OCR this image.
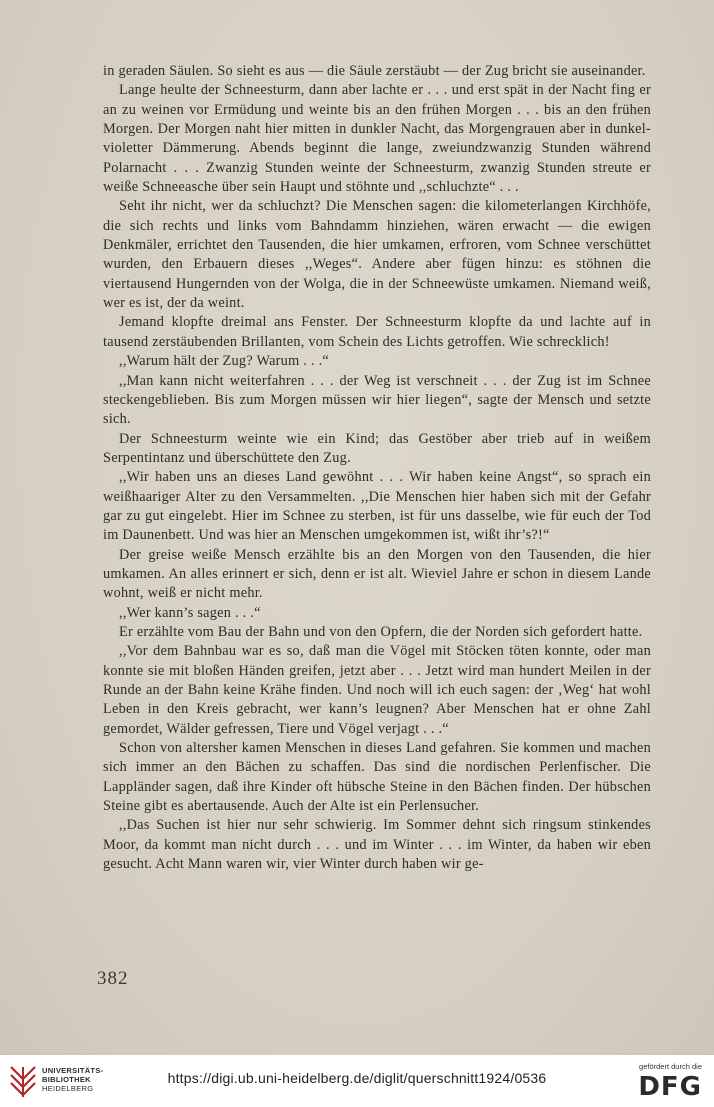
in geraden Säulen. So sieht es aus — die Säule zerstäubt — der Zug bricht sie auseinander.

Lange heulte der Schneesturm, dann aber lachte er . . . und erst spät in der Nacht fing er an zu weinen vor Ermüdung und weinte bis an den frühen Morgen . . . bis an den frühen Morgen. Der Morgen naht hier mitten in dunkler Nacht, das Morgengrauen aber in dunkel-violetter Dämmerung. Abends beginnt die lange, zweiundzwanzig Stunden während Polarnacht . . . Zwanzig Stunden weinte der Schneesturm, zwanzig Stunden streute er weiße Schneeasche über sein Haupt und stöhnte und ,,schluchzte“ . . .

Seht ihr nicht, wer da schluchzt? Die Menschen sagen: die kilometerlangen Kirchhöfe, die sich rechts und links vom Bahndamm hinziehen, wären erwacht — die ewigen Denkmäler, errichtet den Tausenden, die hier umkamen, erfroren, vom Schnee verschüttet wurden, den Erbauern dieses ,,Weges“. Andere aber fügen hinzu: es stöhnen die viertausend Hungernden von der Wolga, die in der Schneewüste umkamen. Niemand weiß, wer es ist, der da weint.

Jemand klopfte dreimal ans Fenster. Der Schneesturm klopfte da und lachte auf in tausend zerstäubenden Brillanten, vom Schein des Lichts getroffen. Wie schrecklich!

,,Warum hält der Zug? Warum . . .“

,,Man kann nicht weiterfahren . . . der Weg ist verschneit . . . der Zug ist im Schnee steckengeblieben. Bis zum Morgen müssen wir hier liegen“, sagte der Mensch und setzte sich.

Der Schneesturm weinte wie ein Kind; das Gestöber aber trieb auf in weißem Serpentintanz und überschüttete den Zug.

,,Wir haben uns an dieses Land gewöhnt . . . Wir haben keine Angst“, so sprach ein weißhaariger Alter zu den Versammelten. ,,Die Menschen hier haben sich mit der Gefahr gar zu gut eingelebt. Hier im Schnee zu sterben, ist für uns dasselbe, wie für euch der Tod im Daunenbett. Und was hier an Menschen umgekommen ist, wißt ihr’s?!“

Der greise weiße Mensch erzählte bis an den Morgen von den Tausenden, die hier umkamen. An alles erinnert er sich, denn er ist alt. Wieviel Jahre er schon in diesem Lande wohnt, weiß er nicht mehr.

,,Wer kann’s sagen . . .“

Er erzählte vom Bau der Bahn und von den Opfern, die der Norden sich gefordert hatte.

,,Vor dem Bahnbau war es so, daß man die Vögel mit Stöcken töten konnte, oder man konnte sie mit bloßen Händen greifen, jetzt aber . . . Jetzt wird man hundert Meilen in der Runde an der Bahn keine Krähe finden. Und noch will ich euch sagen: der ‚Weg‘ hat wohl Leben in den Kreis gebracht, wer kann’s leugnen? Aber Menschen hat er ohne Zahl gemordet, Wälder gefressen, Tiere und Vögel verjagt . . .“

Schon von altersher kamen Menschen in dieses Land gefahren. Sie kommen und machen sich immer an den Bächen zu schaffen. Das sind die nordischen Perlenfischer. Die Lappländer sagen, daß ihre Kinder oft hübsche Steine in den Bächen finden. Der hübschen Steine gibt es abertausende. Auch der Alte ist ein Perlensucher.

,,Das Suchen ist hier nur sehr schwierig. Im Sommer dehnt sich ringsum stinkendes Moor, da kommt man nicht durch . . . und im Winter . . . im Winter, da haben wir eben gesucht. Acht Mann waren wir, vier Winter durch haben wir ge-

382
UNIVERSITÄTS-
BIBLIOTHEK
HEIDELBERG
https://digi.ub.uni-heidelberg.de/diglit/querschnitt1924/0536
gefördert durch die
DFG
